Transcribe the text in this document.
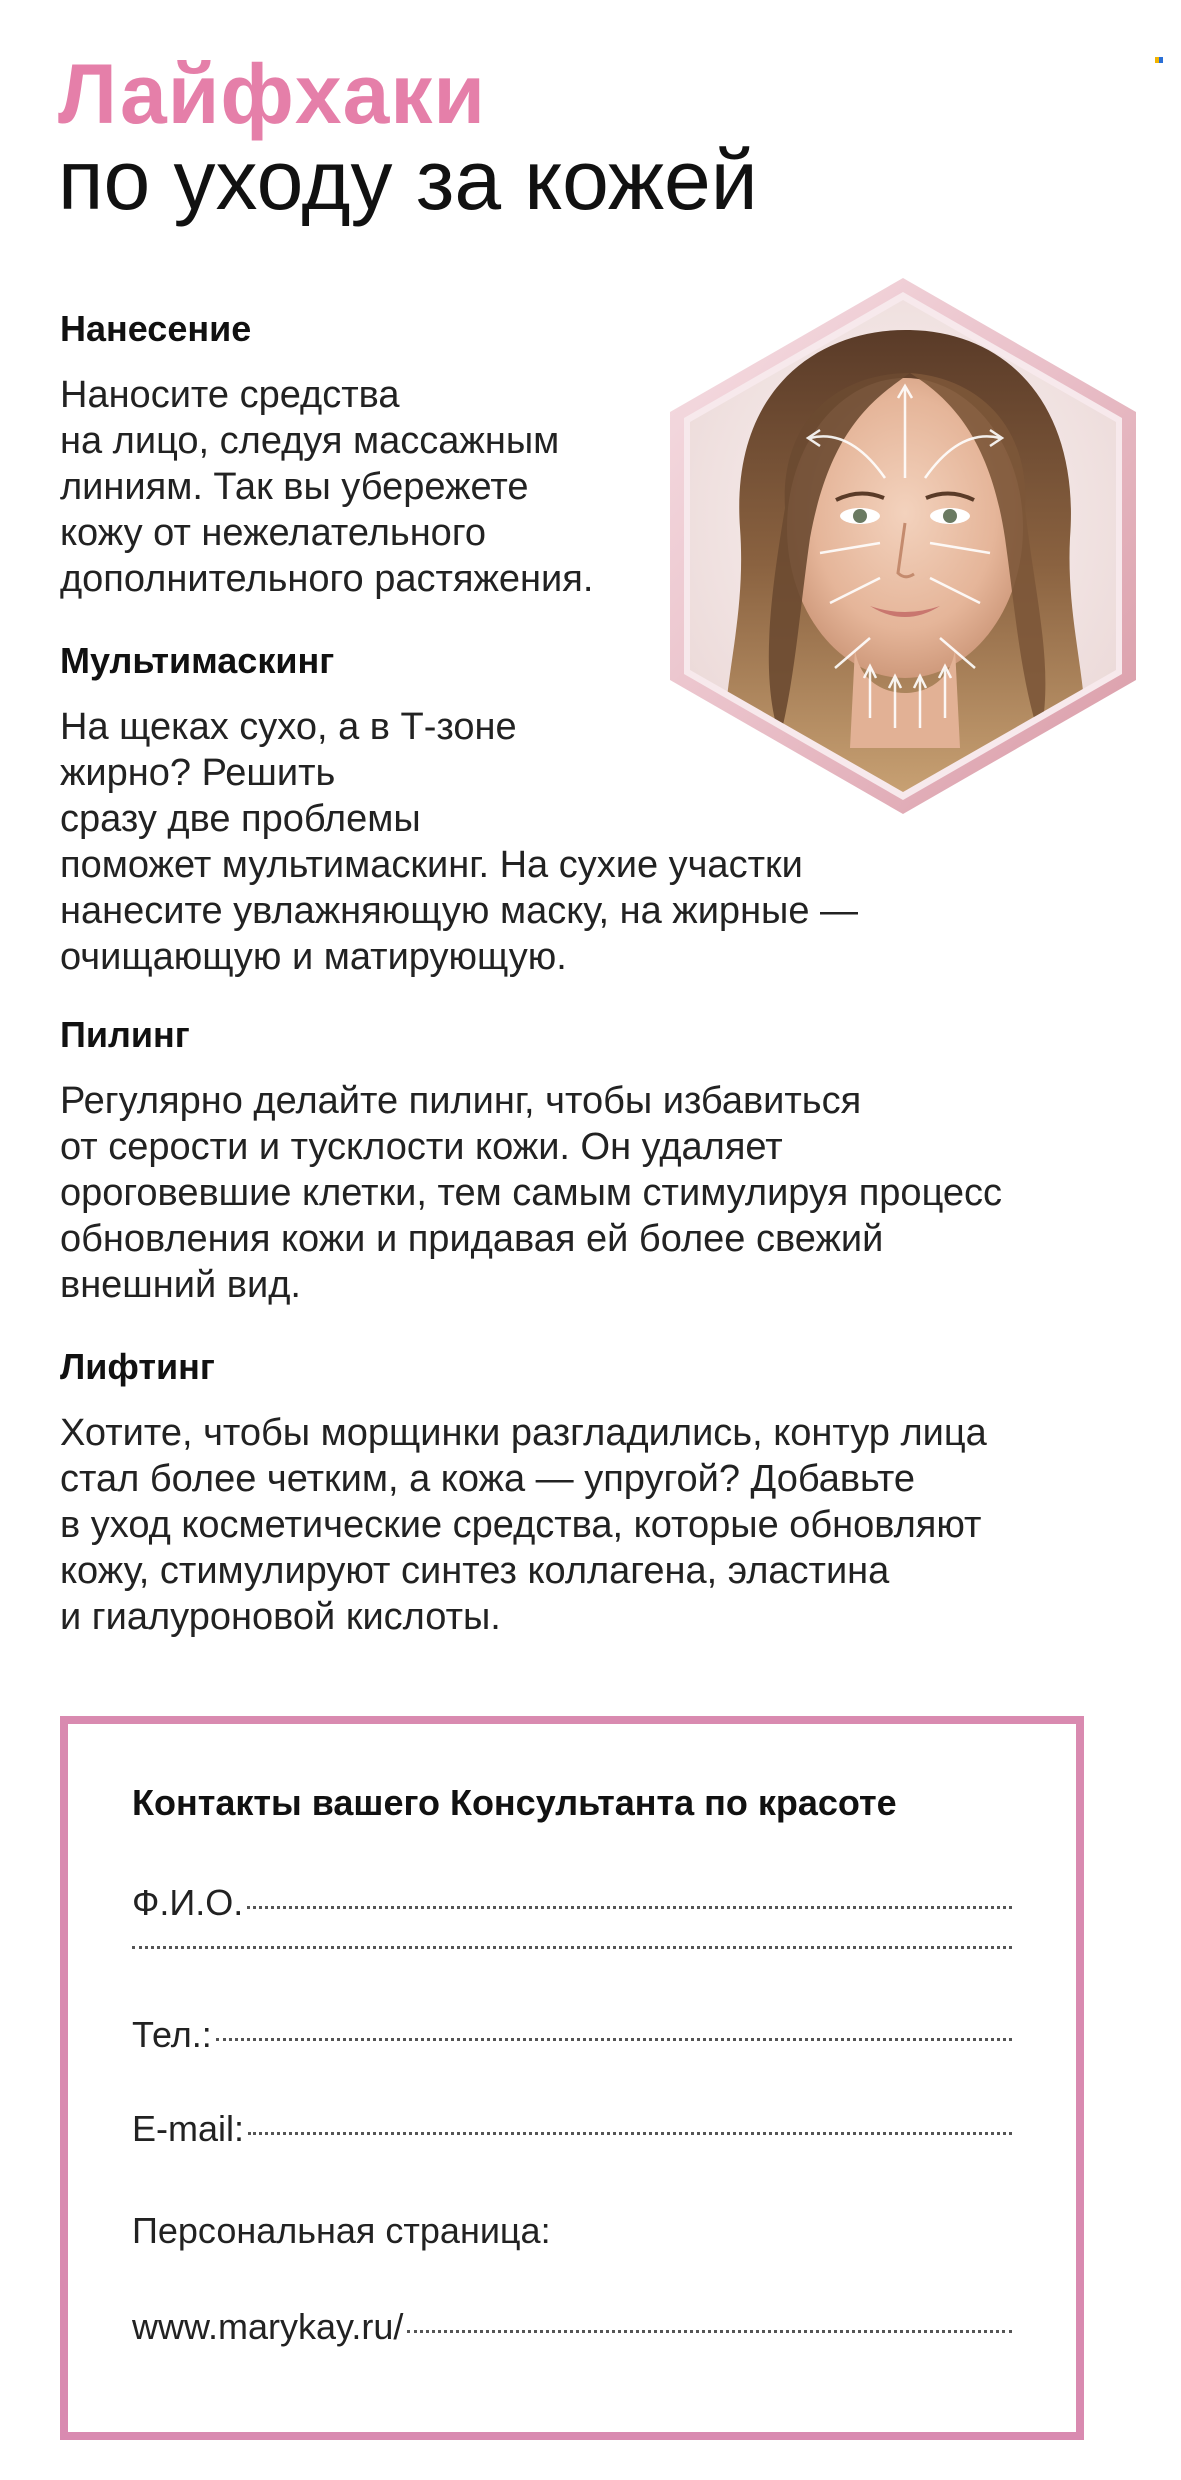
Лайфхаки
по уходу за кожей
Нанесение

Наносите средства
на лицо, следуя массажным
линиям. Так вы убережете
кожу от нежелательного
дополнительного растяжения.

Мультимаскинг

На щеках сухо, а в Т-зоне
жирно? Решить
сразу две проблемы
поможет мультимаскинг. На сухие участки
нанесите увлажняющую маску, на жирные —
очищающую и матирующую.

Пилинг

Регулярно делайте пилинг, чтобы избавиться
от серости и тусклости кожи. Он удаляет
ороговевшие клетки, тем самым стимулируя процесс
обновления кожи и придавая ей более свежий
внешний вид.

Лифтинг

Хотите, чтобы морщинки разгладились, контур лица
стал более четким, а кожа — упругой? Добавьте
в уход косметические средства, которые обновляют
кожу, стимулируют синтез коллагена, эластина
и гиалуроновой кислоты.

Контакты вашего Консультанта по красоте
Ф.И.О.
Тел.:
E-mail:

Персональная страница:

www.marykay.ru/
